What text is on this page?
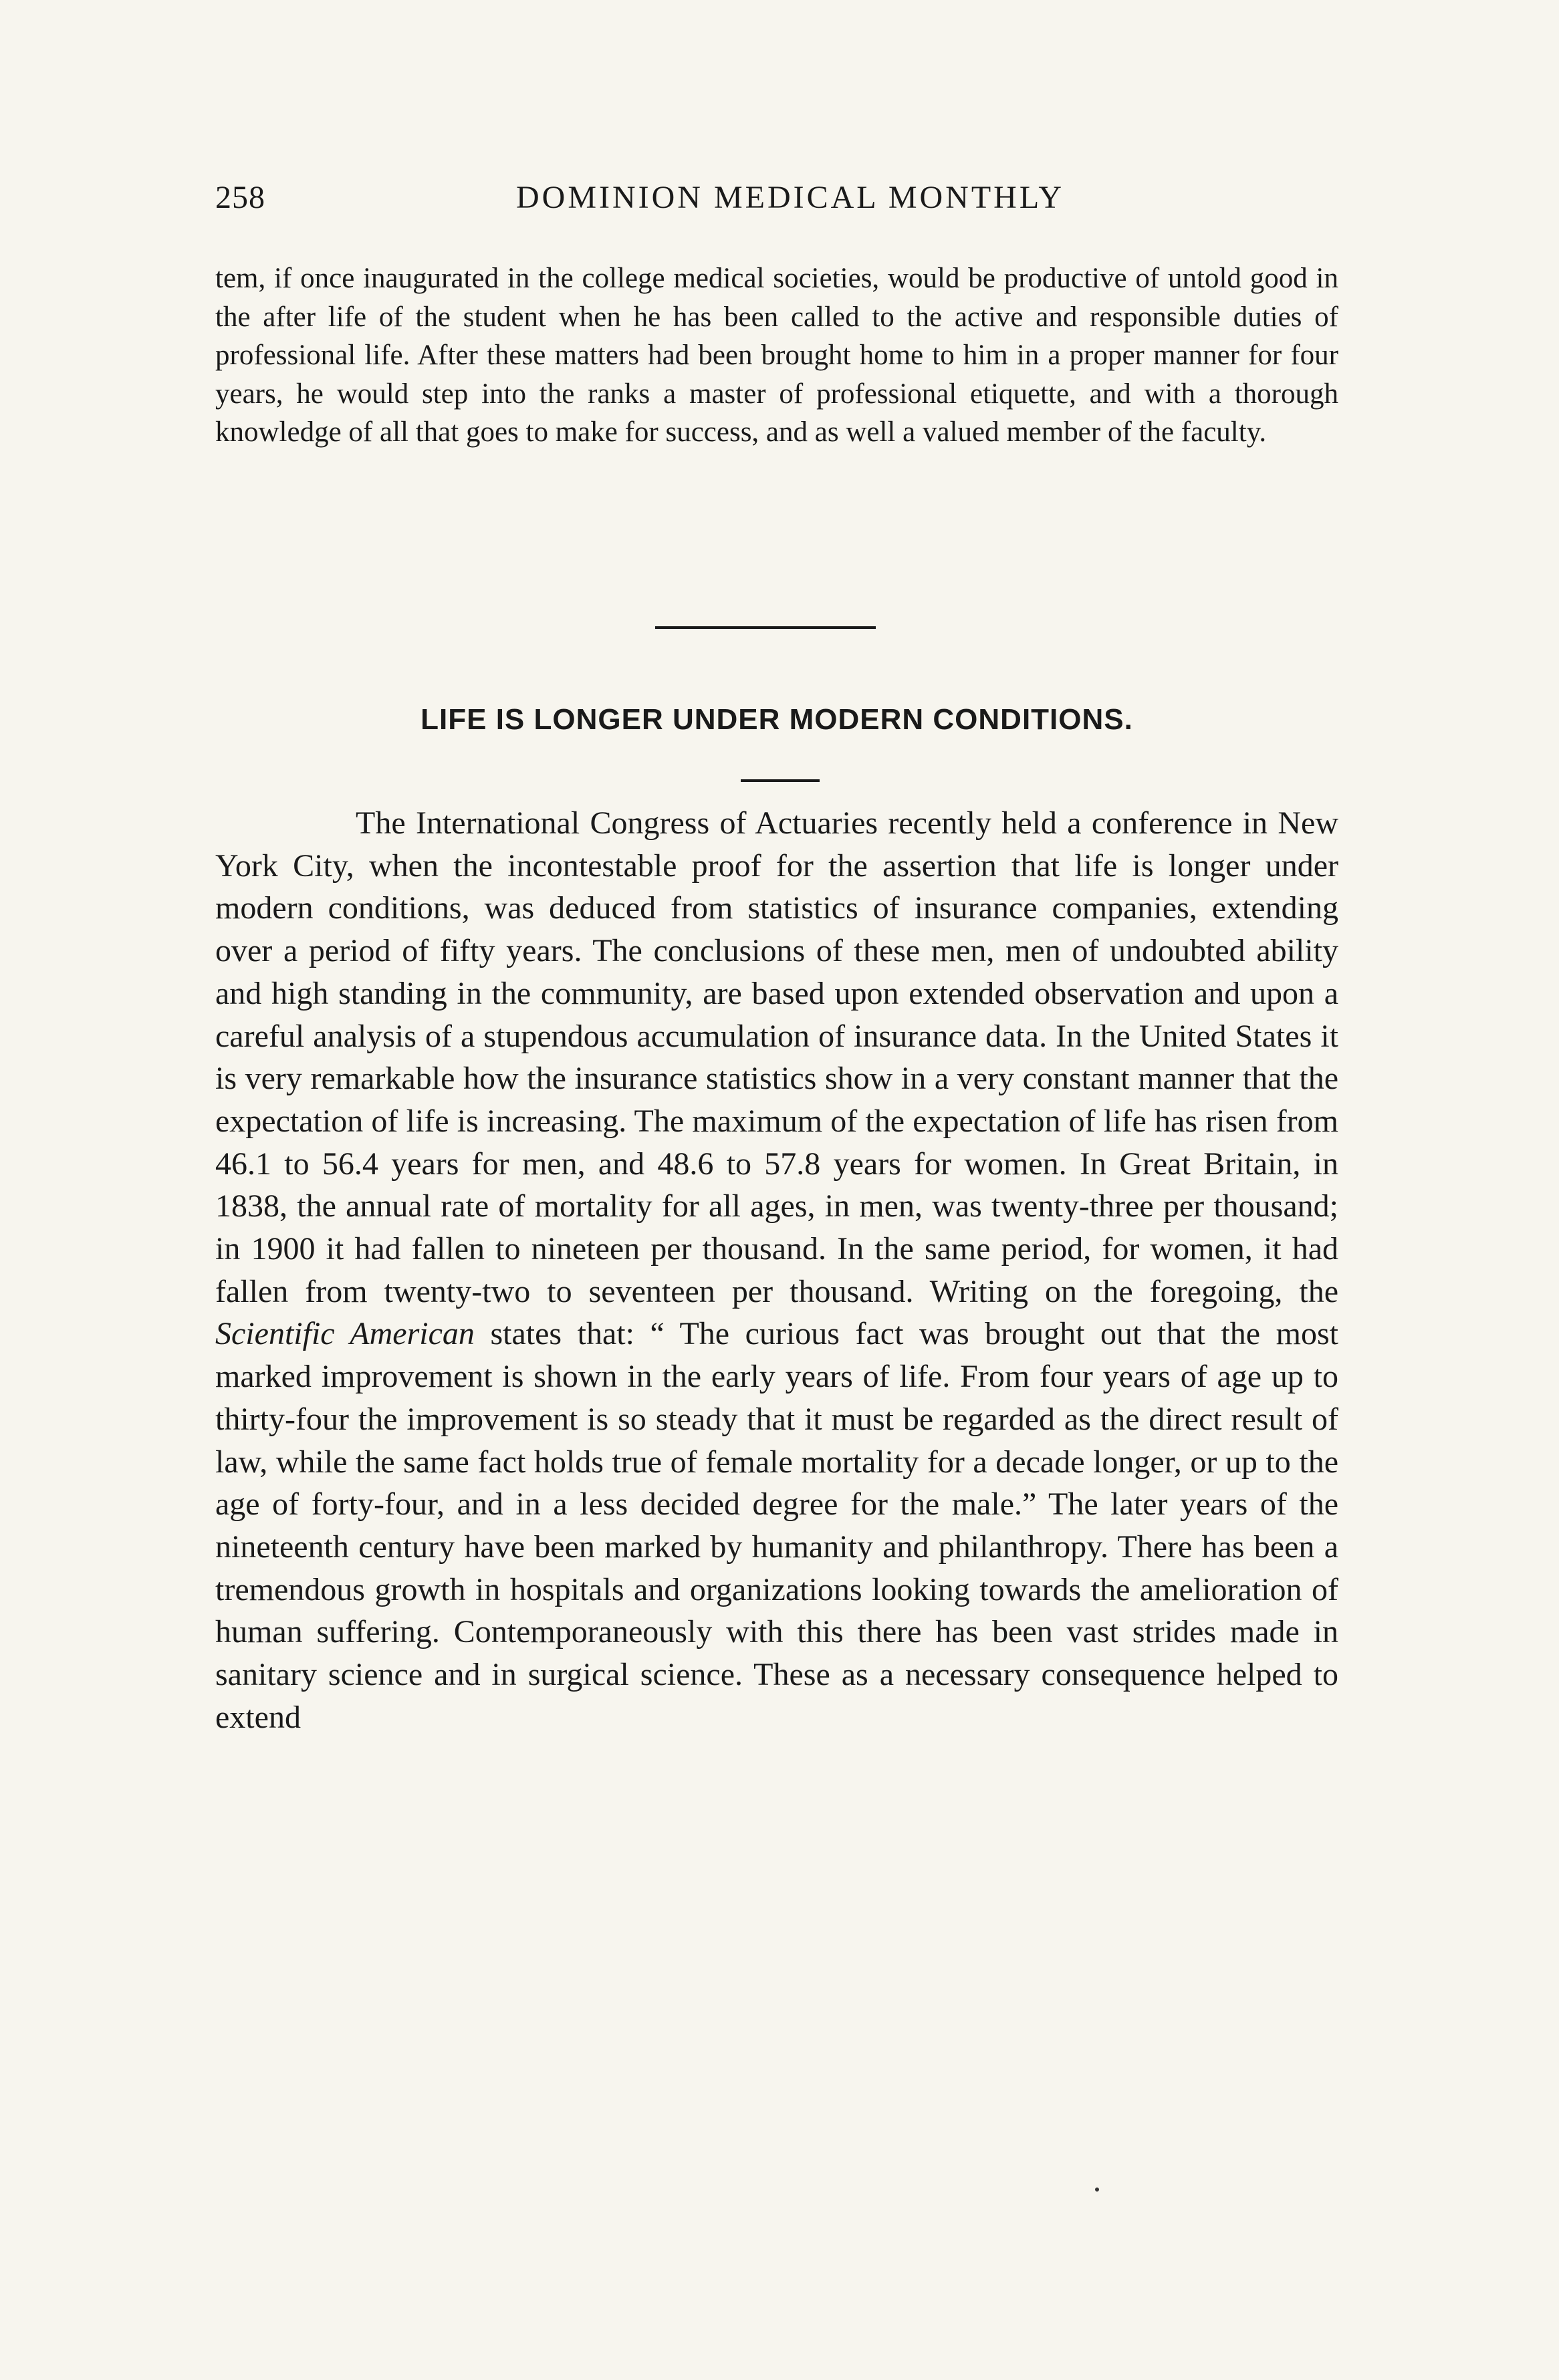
258	DOMINION MEDICAL MONTHLY

tem, if once inaugurated in the college medical societies, would be productive of untold good in the after life of the student when he has been called to the active and responsible duties of professional life. After these matters had been brought home to him in a proper manner for four years, he would step into the ranks a master of professional etiquette, and with a thorough knowledge of all that goes to make for success, and as well a valued member of the faculty.

LIFE IS LONGER UNDER MODERN CONDITIONS.

The International Congress of Actuaries recently held a conference in New York City, when the incontestable proof for the assertion that life is longer under modern conditions, was deduced from statistics of insurance companies, extending over a period of fifty years. The conclusions of these men, men of undoubted ability and high standing in the community, are based upon extended observation and upon a careful analysis of a stupendous accumulation of insurance data. In the United States it is very remarkable how the insurance statistics show in a very constant manner that the expectation of life is increasing. The maximum of the expectation of life has risen from 46.1 to 56.4 years for men, and 48.6 to 57.8 years for women. In Great Britain, in 1838, the annual rate of mortality for all ages, in men, was twenty-three per thousand; in 1900 it had fallen to nineteen per thousand. In the same period, for women, it had fallen from twenty-two to seventeen per thousand. Writing on the foregoing, the Scientific American states that: “ The curious fact was brought out that the most marked improvement is shown in the early years of life. From four years of age up to thirty-four the improvement is so steady that it must be regarded as the direct result of law, while the same fact holds true of female mortality for a decade longer, or up to the age of forty-four, and in a less decided degree for the male.” The later years of the nineteenth century have been marked by humanity and philanthropy. There has been a tremendous growth in hospitals and organizations looking towards the amelioration of human suffering. Contemporaneously with this there has been vast strides made in sanitary science and in surgical science. These as a necessary consequence helped to extend
